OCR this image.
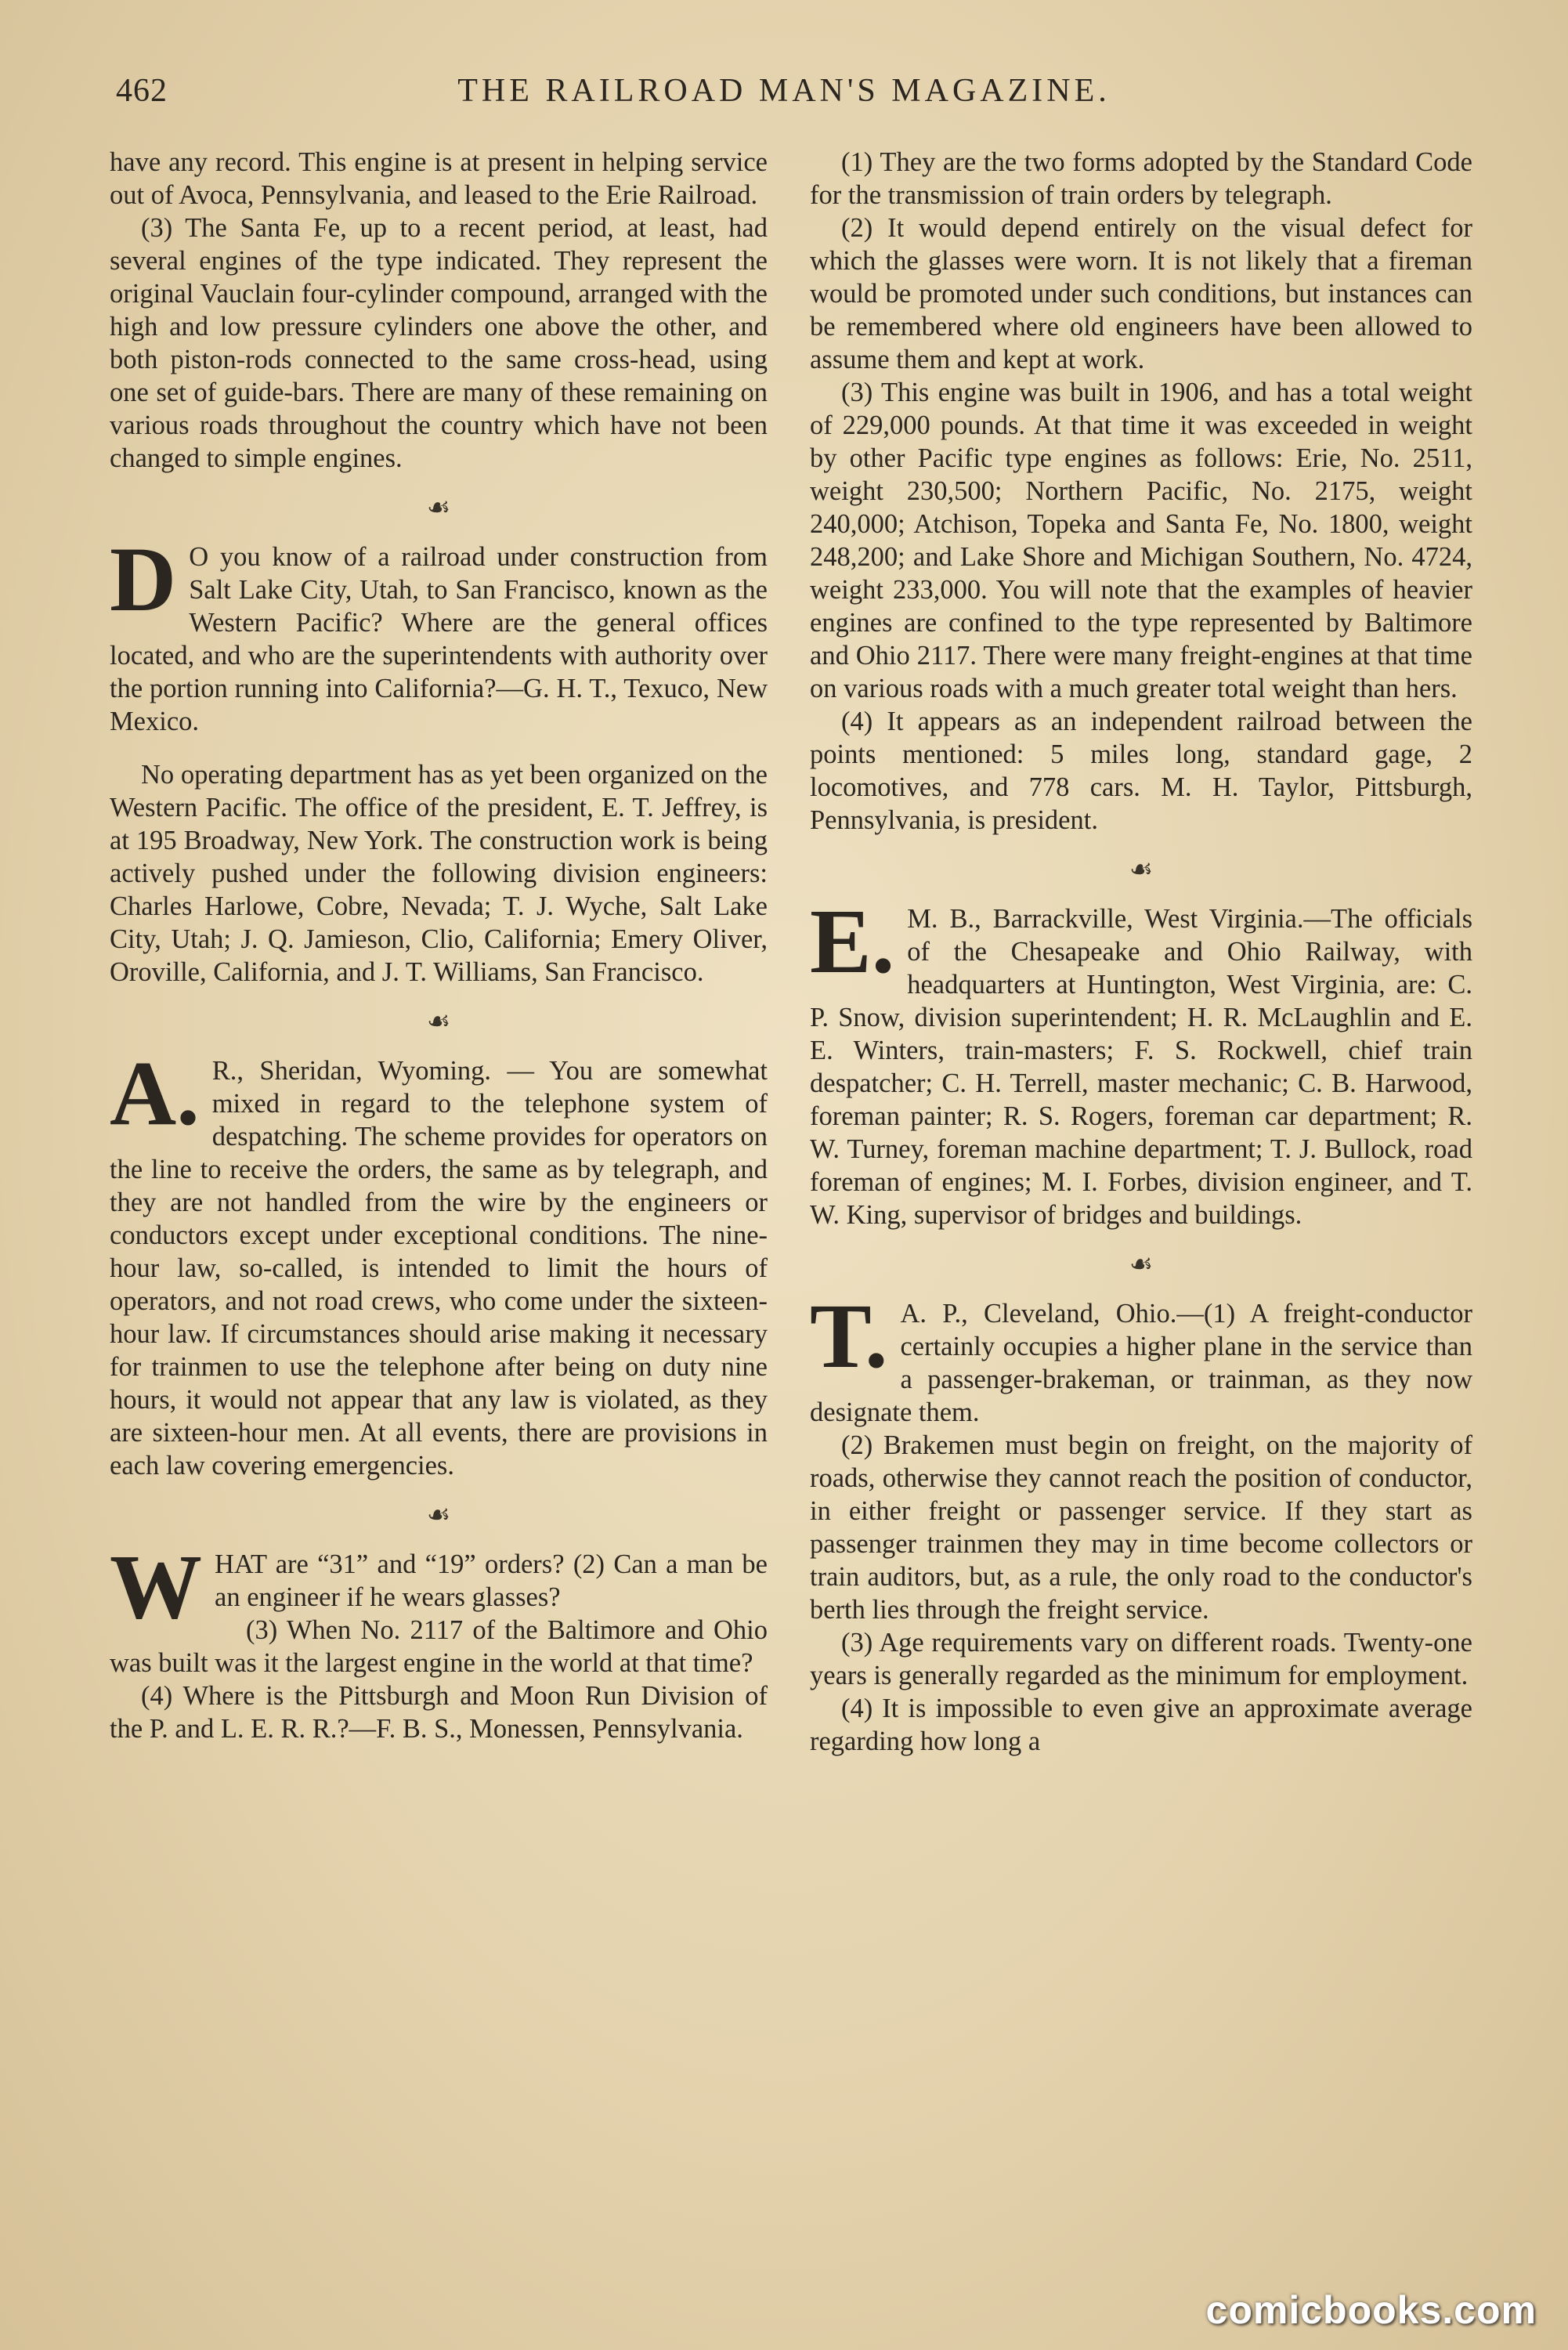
462	THE RAILROAD MAN'S MAGAZINE.

have any record. This engine is at present in helping service out of Avoca, Pennsylvania, and leased to the Erie Railroad.

(3) The Santa Fe, up to a recent period, at least, had several engines of the type indicated. They represent the original Vauclain four-cylinder compound, arranged with the high and low pressure cylinders one above the other, and both piston-rods connected to the same cross-head, using one set of guide-bars. There are many of these remaining on various roads throughout the country which have not been changed to simple engines.

☙

D O you know of a railroad under construction from Salt Lake City, Utah, to San Francisco, known as the Western Pacific? Where are the general offices located, and who are the superintendents with authority over the portion running into California?—G. H. T., Texuco, New Mexico.

No operating department has as yet been organized on the Western Pacific. The office of the president, E. T. Jeffrey, is at 195 Broadway, New York. The construction work is being actively pushed under the following division engineers: Charles Harlowe, Cobre, Nevada; T. J. Wyche, Salt Lake City, Utah; J. Q. Jamieson, Clio, California; Emery Oliver, Oroville, California, and J. T. Williams, San Francisco.

☙

A. R., Sheridan, Wyoming. — You are somewhat mixed in regard to the telephone system of despatching. The scheme provides for operators on the line to receive the orders, the same as by telegraph, and they are not handled from the wire by the engineers or conductors except under exceptional conditions. The nine-hour law, so-called, is intended to limit the hours of operators, and not road crews, who come under the sixteen-hour law. If circumstances should arise making it necessary for trainmen to use the telephone after being on duty nine hours, it would not appear that any law is violated, as they are sixteen-hour men. At all events, there are provisions in each law covering emergencies.

☙

WHAT are “31” and “19” orders? (2) Can a man be an engineer if he wears glasses?

(3) When No. 2117 of the Baltimore and Ohio was built was it the largest engine in the world at that time?

(4) Where is the Pittsburgh and Moon Run Division of the P. and L. E. R. R.?—F. B. S., Monessen, Pennsylvania.

(1) They are the two forms adopted by the Standard Code for the transmission of train orders by telegraph.

(2) It would depend entirely on the visual defect for which the glasses were worn. It is not likely that a fireman would be promoted under such conditions, but instances can be remembered where old engineers have been allowed to assume them and kept at work.

(3) This engine was built in 1906, and has a total weight of 229,000 pounds. At that time it was exceeded in weight by other Pacific type engines as follows: Erie, No. 2511, weight 230,500; Northern Pacific, No. 2175, weight 240,000; Atchison, Topeka and Santa Fe, No. 1800, weight 248,200; and Lake Shore and Michigan Southern, No. 4724, weight 233,000. You will note that the examples of heavier engines are confined to the type represented by Baltimore and Ohio 2117. There were many freight-engines at that time on various roads with a much greater total weight than hers.

(4) It appears as an independent railroad between the points mentioned: 5 miles long, standard gage, 2 locomotives, and 778 cars. M. H. Taylor, Pittsburgh, Pennsylvania, is president.

☙

E. M. B., Barrackville, West Virginia.—The officials of the Chesapeake and Ohio Railway, with headquarters at Huntington, West Virginia, are: C. P. Snow, division superintendent; H. R. McLaughlin and E. E. Winters, train-masters; F. S. Rockwell, chief train despatcher; C. H. Terrell, master mechanic; C. B. Harwood, foreman painter; R. S. Rogers, foreman car department; R. W. Turney, foreman machine department; T. J. Bullock, road foreman of engines; M. I. Forbes, division engineer, and T. W. King, supervisor of bridges and buildings.

☙

T. A. P., Cleveland, Ohio.—(1) A freight-conductor certainly occupies a higher plane in the service than a passenger-brakeman, or trainman, as they now designate them.

(2) Brakemen must begin on freight, on the majority of roads, otherwise they cannot reach the position of conductor, in either freight or passenger service. If they start as passenger trainmen they may in time become collectors or train auditors, but, as a rule, the only road to the conductor's berth lies through the freight service.

(3) Age requirements vary on different roads. Twenty-one years is generally regarded as the minimum for employment.

(4) It is impossible to even give an approximate average regarding how long a

comicbooks.com
